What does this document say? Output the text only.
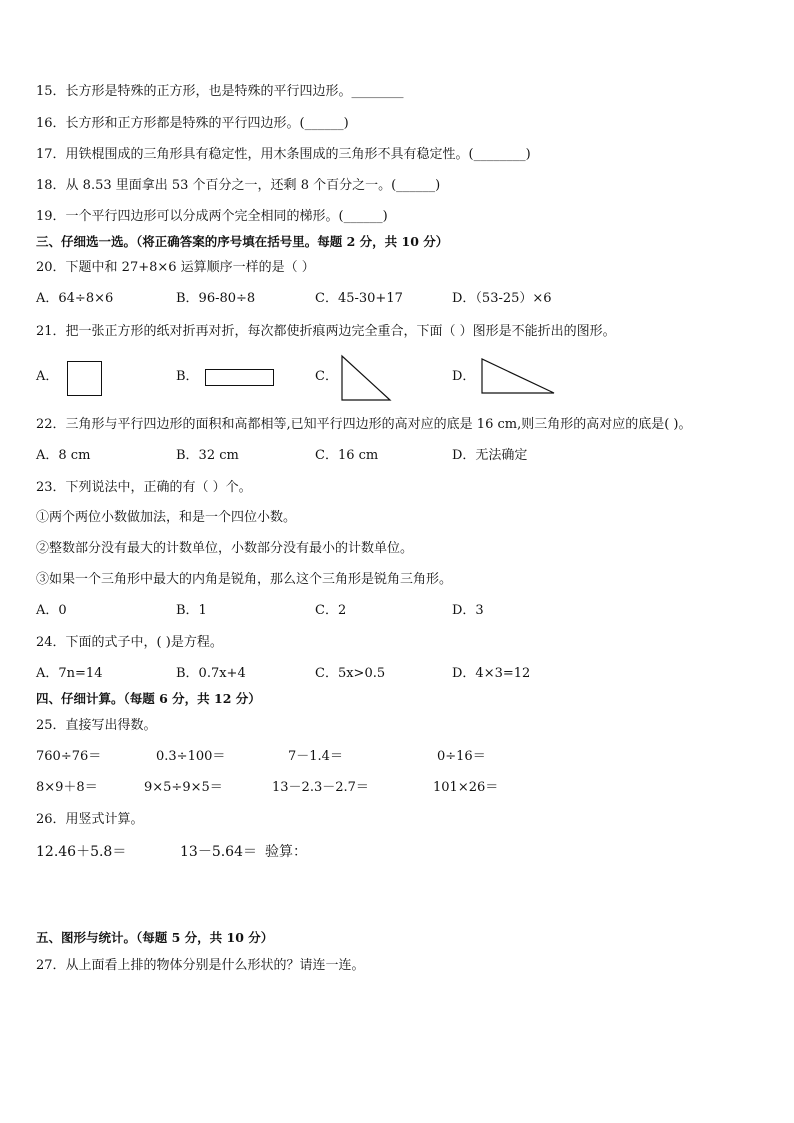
15．长方形是特殊的正方形，也是特殊的平行四边形。________
16．长方形和正方形都是特殊的平行四边形。(______)
17．用铁棍围成的三角形具有稳定性，用木条围成的三角形不具有稳定性。(________)
18．从 8.53 里面拿出 53 个百分之一，还剩 8 个百分之一。(______)
19．一个平行四边形可以分成两个完全相同的梯形。(______)
三、仔细选一选。（将正确答案的序号填在括号里。每题 2 分，共 10 分）
20．下题中和 27+8×6 运算顺序一样的是（ ）
A．64÷8×6	B．96-80÷8	C．45-30+17	D．（53-25）×6
21．把一张正方形的纸对折再对折，每次都使折痕两边完全重合，下面（ ）图形是不能折出的图形。
A．	B．	C．	D．
22．三角形与平行四边形的面积和高都相等,已知平行四边形的高对应的底是 16 cm,则三角形的高对应的底是( )。
A．8 cm	B．32 cm	C．16 cm	D．无法确定
23．下列说法中，正确的有（ ）个。
①两个两位小数做加法，和是一个四位小数。
②整数部分没有最大的计数单位，小数部分没有最小的计数单位。
③如果一个三角形中最大的内角是锐角，那么这个三角形是锐角三角形。
A．0	B．1	C．2	D．3
24．下面的式子中，( )是方程。
A．7n=14	B．0.7x+4	C．5x>0.5	D．4×3=12
四、仔细计算。（每题 6 分，共 12 分）
25．直接写出得数。
760÷76＝	0.3÷100＝	7－1.4＝	0÷16＝
8×9＋8＝	9×5÷9×5＝	13－2.3－2.7＝	101×26＝
26．用竖式计算。
12.46＋5.8＝	13－5.64＝ 验算：
五、图形与统计。（每题 5 分，共 10 分）
27．从上面看上排的物体分别是什么形状的？请连一连。
